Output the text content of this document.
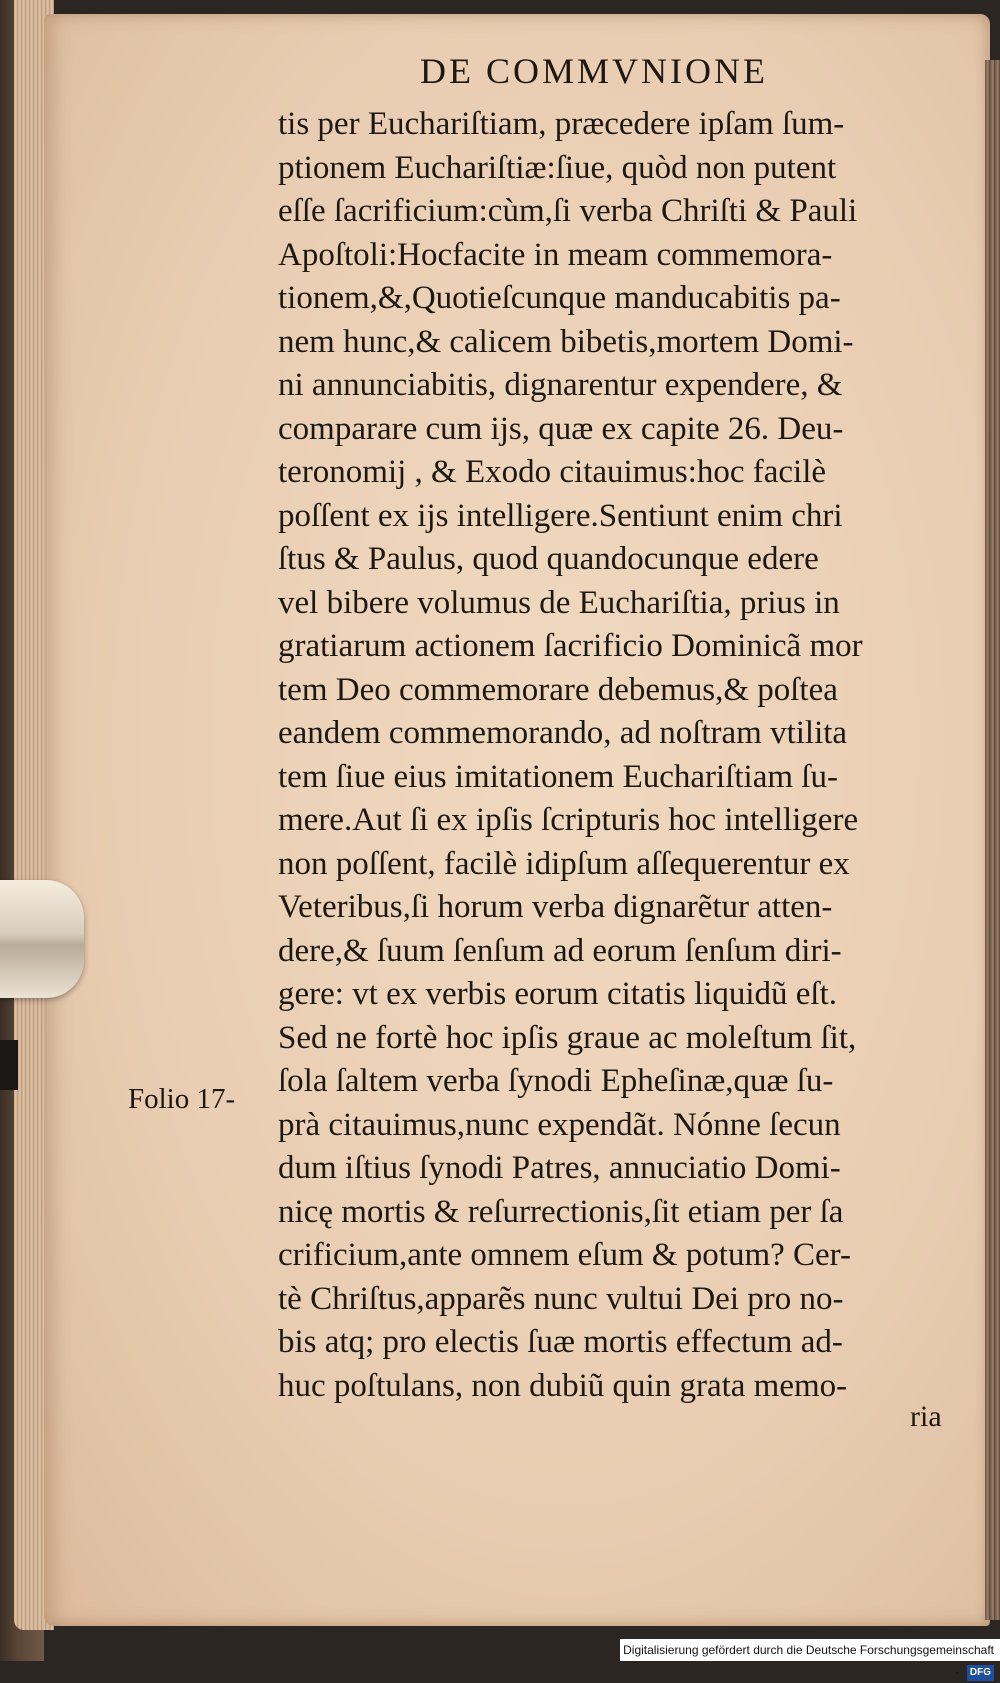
DE COMMVNIONE
tis per Euchariſtiam, præcedere ipſam ſum-
ptionem Euchariſtiæ:ſiue, quòd non putent
eſſe ſacrificium:cùm,ſi verba Chriſti & Pauli
Apoſtoli:Hocfacite in meam commemora-
tionem,&,Quotieſcunque manducabitis pa-
nem hunc,& calicem bibetis,mortem Domi-
ni annunciabitis, dignarentur expendere, &
comparare cum ijs, quæ ex capite 26. Deu-
teronomij , & Exodo citauimus:hoc facilè
poſſent ex ijs intelligere.Sentiunt enim chri
ſtus & Paulus, quod quandocunque edere
vel bibere volumus de Euchariſtia, prius in
gratiarum actionem ſacrificio Dominicã mor
tem Deo commemorare debemus,& poſtea
eandem commemorando, ad noſtram vtilita
tem ſiue eius imitationem Euchariſtiam ſu-
mere.Aut ſi ex ipſis ſcripturis hoc intelligere
non poſſent, facilè idipſum aſſequerentur ex
Veteribus,ſi horum verba dignarẽtur atten-
dere,& ſuum ſenſum ad eorum ſenſum diri-
gere: vt ex verbis eorum citatis liquidũ eſt.
Sed ne fortè hoc ipſis graue ac moleſtum ſit,
ſola ſaltem verba ſynodi Epheſinæ,quæ ſu-
prà citauimus,nunc expendãt. Nónne ſecun
dum iſtius ſynodi Patres, annuciatio Domi-
nicę mortis & reſurrectionis,ſit etiam per ſa
crificium,ante omnem eſum & potum? Cer-
tè Chriſtus,apparẽs nunc vultui Dei pro no-
bis atq; pro electis ſuæ mortis effectum ad-
huc poſtulans, non dubiũ quin grata memo-
Folio 17-
ria
Digitalisierung gefördert durch die Deutsche Forschungsgemeinschaft - DFG
